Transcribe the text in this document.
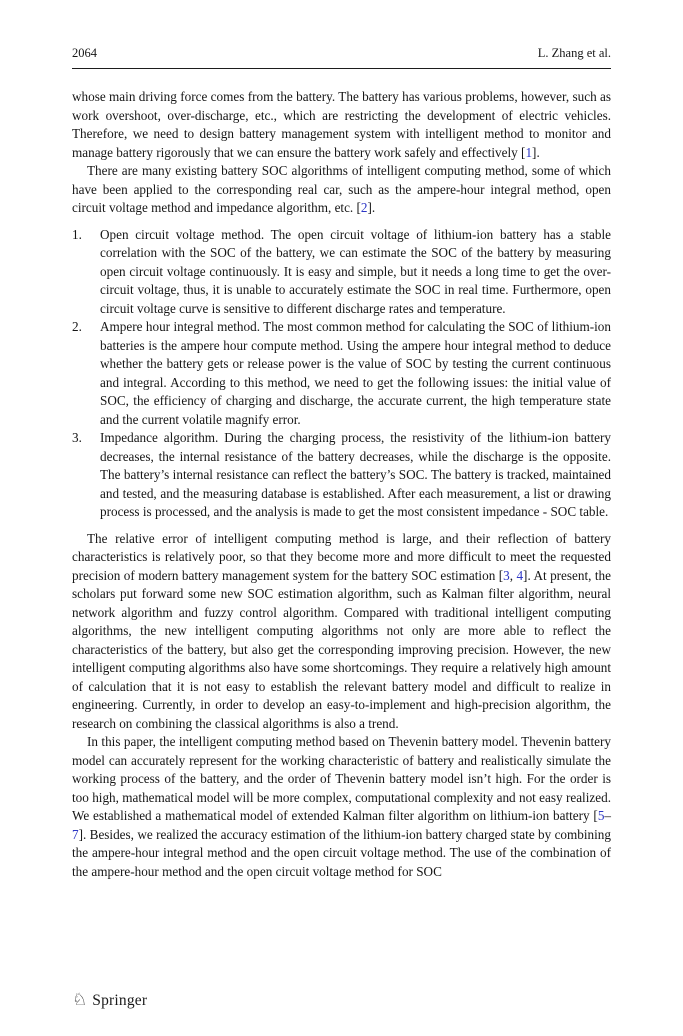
2064	L. Zhang et al.

whose main driving force comes from the battery. The battery has various problems, however, such as work overshoot, over-discharge, etc., which are restricting the development of electric vehicles. Therefore, we need to design battery management system with intelligent method to monitor and manage battery rigorously that we can ensure the battery work safely and effectively [1].

There are many existing battery SOC algorithms of intelligent computing method, some of which have been applied to the corresponding real car, such as the ampere-hour integral method, open circuit voltage method and impedance algorithm, etc. [2].

1. Open circuit voltage method. The open circuit voltage of lithium-ion battery has a stable correlation with the SOC of the battery, we can estimate the SOC of the battery by measuring open circuit voltage continuously. It is easy and simple, but it needs a long time to get the over-circuit voltage, thus, it is unable to accurately estimate the SOC in real time. Furthermore, open circuit voltage curve is sensitive to different discharge rates and temperature.
2. Ampere hour integral method. The most common method for calculating the SOC of lithium-ion batteries is the ampere hour compute method. Using the ampere hour integral method to deduce whether the battery gets or release power is the value of SOC by testing the current continuous and integral. According to this method, we need to get the following issues: the initial value of SOC, the efficiency of charging and discharge, the accurate current, the high temperature state and the current volatile magnify error.
3. Impedance algorithm. During the charging process, the resistivity of the lithium-ion battery decreases, the internal resistance of the battery decreases, while the discharge is the opposite. The battery’s internal resistance can reflect the battery’s SOC. The battery is tracked, maintained and tested, and the measuring database is established. After each measurement, a list or drawing process is processed, and the analysis is made to get the most consistent impedance - SOC table.

The relative error of intelligent computing method is large, and their reflection of battery characteristics is relatively poor, so that they become more and more difficult to meet the requested precision of modern battery management system for the battery SOC estimation [3, 4]. At present, the scholars put forward some new SOC estimation algorithm, such as Kalman filter algorithm, neural network algorithm and fuzzy control algorithm. Compared with traditional intelligent computing algorithms, the new intelligent computing algorithms not only are more able to reflect the characteristics of the battery, but also get the corresponding improving precision. However, the new intelligent computing algorithms also have some shortcomings. They require a relatively high amount of calculation that it is not easy to establish the relevant battery model and difficult to realize in engineering. Currently, in order to develop an easy-to-implement and high-precision algorithm, the research on combining the classical algorithms is also a trend.

In this paper, the intelligent computing method based on Thevenin battery model. Thevenin battery model can accurately represent for the working characteristic of battery and realistically simulate the working process of the battery, and the order of Thevenin battery model isn’t high. For the order is too high, mathematical model will be more complex, computational complexity and not easy realized. We established a mathematical model of extended Kalman filter algorithm on lithium-ion battery [5–7]. Besides, we realized the accuracy estimation of the lithium-ion battery charged state by combining the ampere-hour integral method and the open circuit voltage method. The use of the combination of the ampere-hour method and the open circuit voltage method for SOC

♘ Springer
